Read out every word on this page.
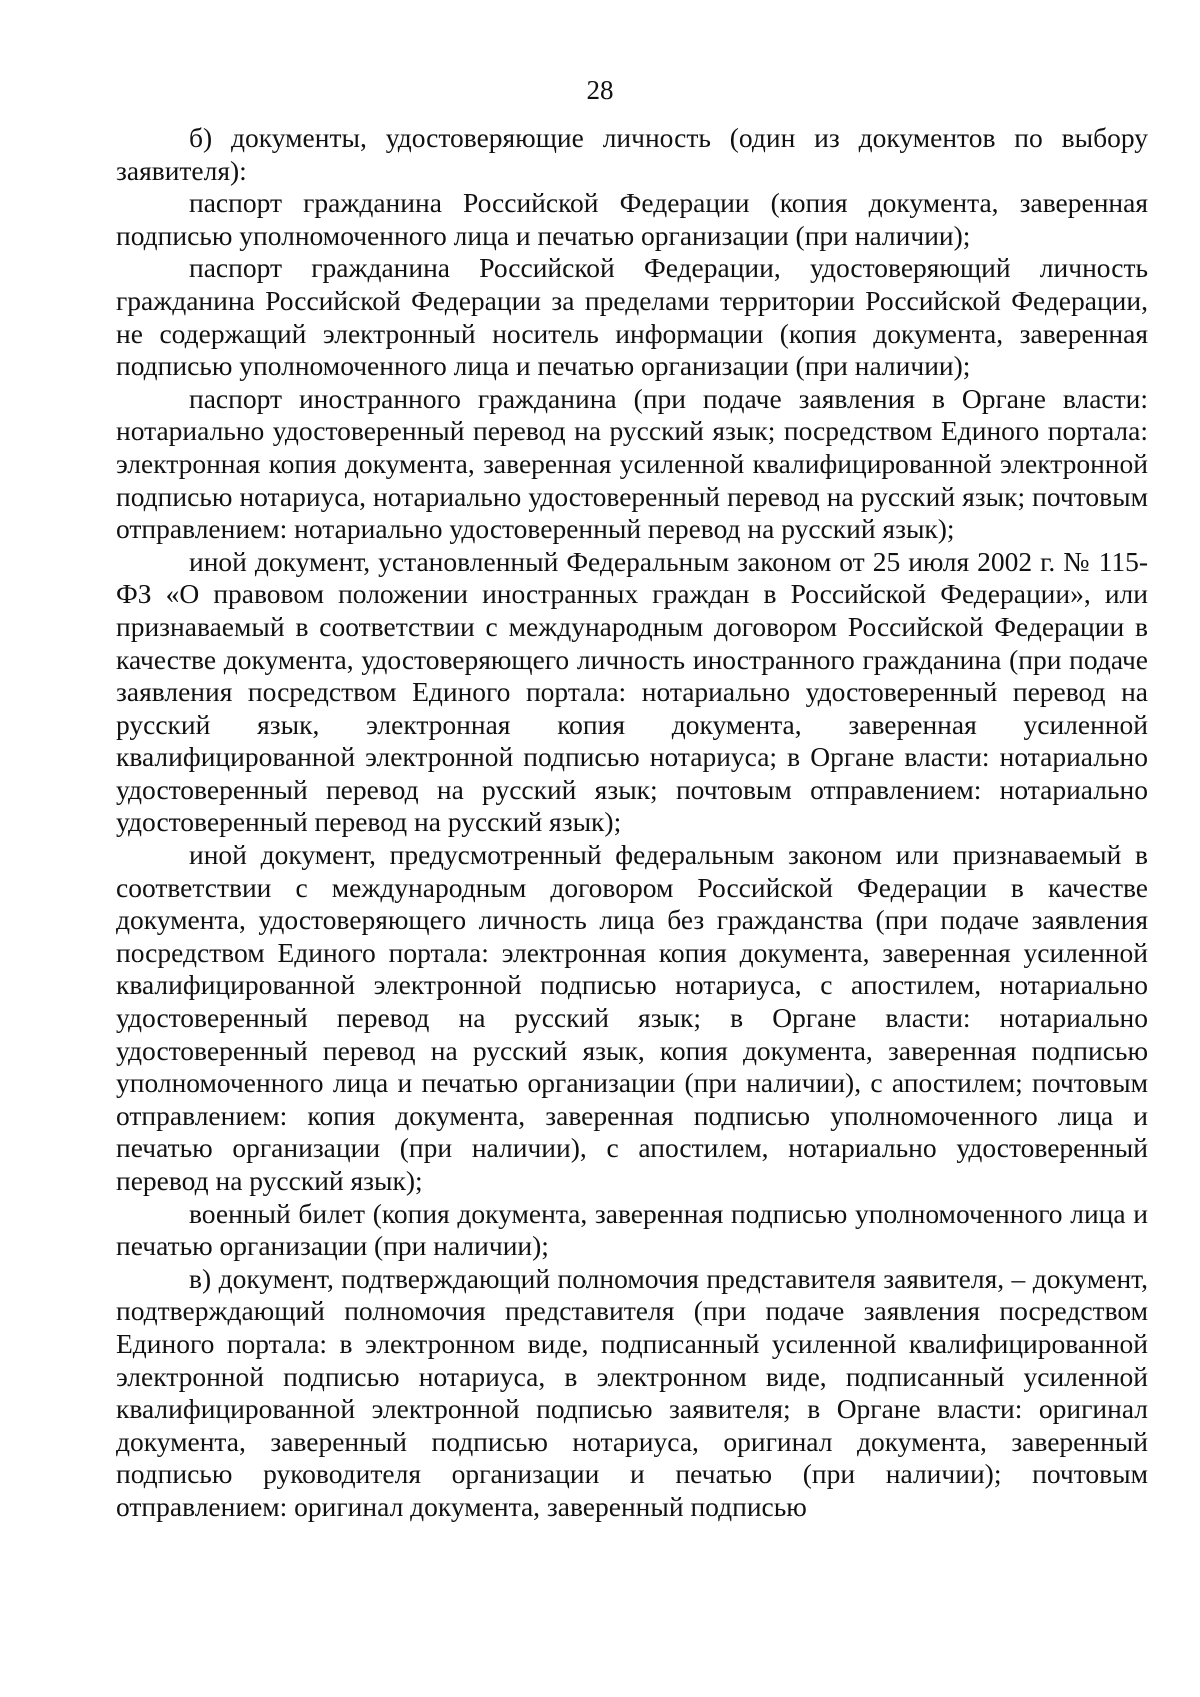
28

б) документы, удостоверяющие личность (один из документов по выбору заявителя):

паспорт гражданина Российской Федерации (копия документа, заверенная подписью уполномоченного лица и печатью организации (при наличии);

паспорт гражданина Российской Федерации, удостоверяющий личность гражданина Российской Федерации за пределами территории Российской Федерации, не содержащий электронный носитель информации (копия документа, заверенная подписью уполномоченного лица и печатью организации (при наличии);

паспорт иностранного гражданина (при подаче заявления в Органе власти: нотариально удостоверенный перевод на русский язык; посредством Единого портала: электронная копия документа, заверенная усиленной квалифицированной электронной подписью нотариуса, нотариально удостоверенный перевод на русский язык; почтовым отправлением: нотариально удостоверенный перевод на русский язык);

иной документ, установленный Федеральным законом от 25 июля 2002 г. № 115-ФЗ «О правовом положении иностранных граждан в Российской Федерации», или признаваемый в соответствии с международным договором Российской Федерации в качестве документа, удостоверяющего личность иностранного гражданина (при подаче заявления посредством Единого портала: нотариально удостоверенный перевод на русский язык, электронная копия документа, заверенная усиленной квалифицированной электронной подписью нотариуса; в Органе власти: нотариально удостоверенный перевод на русский язык; почтовым отправлением: нотариально удостоверенный перевод на русский язык);

иной документ, предусмотренный федеральным законом или признаваемый в соответствии с международным договором Российской Федерации в качестве документа, удостоверяющего личность лица без гражданства (при подаче заявления посредством Единого портала: электронная копия документа, заверенная усиленной квалифицированной электронной подписью нотариуса, с апостилем, нотариально удостоверенный перевод на русский язык; в Органе власти: нотариально удостоверенный перевод на русский язык, копия документа, заверенная подписью уполномоченного лица и печатью организации (при наличии), с апостилем; почтовым отправлением: копия документа, заверенная подписью уполномоченного лица и печатью организации (при наличии), с апостилем, нотариально удостоверенный перевод на русский язык);

военный билет (копия документа, заверенная подписью уполномоченного лица и печатью организации (при наличии);

в) документ, подтверждающий полномочия представителя заявителя, – документ, подтверждающий полномочия представителя (при подаче заявления посредством Единого портала: в электронном виде, подписанный усиленной квалифицированной электронной подписью нотариуса, в электронном виде, подписанный усиленной квалифицированной электронной подписью заявителя; в Органе власти: оригинал документа, заверенный подписью нотариуса, оригинал документа, заверенный подписью руководителя организации и печатью (при наличии); почтовым отправлением: оригинал документа, заверенный подписью
